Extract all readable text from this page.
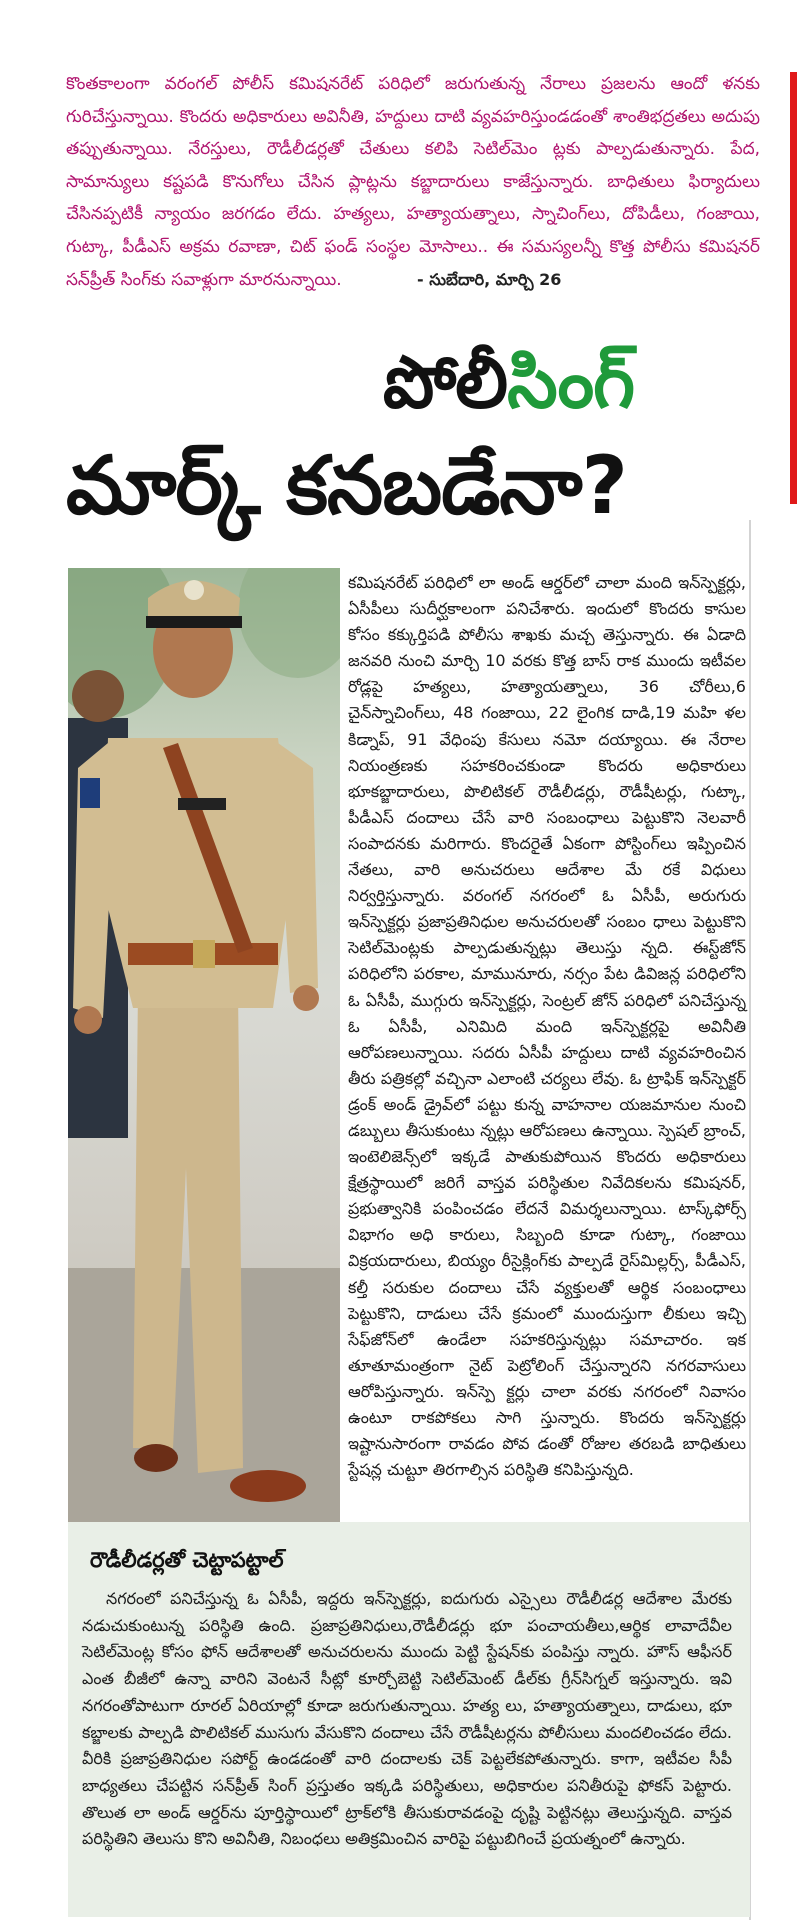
కొంతకాలంగా వరంగల్ పోలీస్ కమిషనరేట్ పరిధిలో జరుగుతున్న నేరాలు ప్రజలను ఆందో ళనకు గురిచేస్తున్నాయి. కొందరు అధికారులు అవినీతి, హద్దులు దాటి వ్యవహరిస్తుండడంతో శాంతిభద్రతలు అదుపు తప్పుతున్నాయి. నేరస్తులు, రౌడీలీడర్లతో చేతులు కలిపి సెటిల్‌మెం ట్లకు పాల్పడుతున్నారు. పేద, సామాన్యులు కష్టపడి కొనుగోలు చేసిన ప్లాట్లను కబ్జాదారులు కాజేస్తున్నారు. బాధితులు ఫిర్యాదులు చేసినప్పటికీ న్యాయం జరగడం లేదు. హత్యలు, హత్యాయత్నాలు, స్నాచింగ్‌లు, దోపిడీలు, గంజాయి, గుట్కా, పీడీఎస్ అక్రమ రవాణా, చిట్ ఫండ్ సంస్థల మోసాలు.. ఈ సమస్యలన్నీ కొత్త పోలీసు కమిషనర్ సన్‌ప్రీత్ సింగ్‌కు సవాళ్లుగా మారనున్నాయి.	- సుబేదారి, మార్చి 26
పోలీసింగ్
మార్క్ కనబడేనా?
కమిషనరేట్ పరిధిలో లా అండ్ ఆర్డర్‌లో చాలా మంది ఇన్‌స్పెక్టర్లు, ఏసీపీలు సుదీర్ఘకాలంగా పనిచేశారు. ఇందులో కొందరు కాసుల కోసం కక్కుర్తిపడి పోలీసు శాఖకు మచ్చ తెస్తున్నారు. ఈ ఏడాది జనవరి నుంచి మార్చి 10 వరకు కొత్త బాస్ రాక ముందు ఇటీవల రోడ్లపై హత్యలు, హత్యాయత్నాలు, 36 చోరీలు,6 చైన్‌స్నాచింగ్‌లు, 48 గంజాయి, 22 లైంగిక దాడి,19 మహి ళల కిడ్నాప్, 91 వేధింపు కేసులు నమో దయ్యాయి. ఈ నేరాల నియంత్రణకు సహకరించకుండా కొందరు అధికారులు భూకబ్జాదారులు, పొలిటికల్ రౌడీలీడర్లు, రౌడీషీటర్లు, గుట్కా, పీడీఎస్ దందాలు చేసే వారి సంబంధాలు పెట్టుకొని నెలవారీ సంపాదనకు మరిగారు. కొందరైతే ఏకంగా పోస్టింగ్‌లు ఇప్పించిన నేతలు, వారి అనుచరులు ఆదేశాల మే రకే విధులు నిర్వర్తిస్తున్నారు. వరంగల్ నగరంలో ఓ ఏసీపీ, అరుగురు ఇన్‌స్పెక్టర్లు ప్రజాప్రతినిధుల అనుచరులతో సంబం ధాలు పెట్టుకొని సెటిల్‌మెంట్లకు పాల్పడుతున్నట్లు తెలుస్తు న్నది. ఈస్ట్‌జోన్ పరిధిలోని పరకాల, మామునూరు, నర్సం పేట డివిజన్ల పరిధిలోని ఓ ఏసీపీ, ముగ్గురు ఇన్‌స్పెక్టర్లు, సెంట్రల్ జోన్ పరిధిలో పనిచేస్తున్న ఓ ఏసీపీ, ఎనిమిది మంది ఇన్‌స్పెక్టర్లపై అవినీతి ఆరోపణలున్నాయి. సదరు ఏసీపీ హద్దులు దాటి వ్యవహరించిన తీరు పత్రికల్లో వచ్చినా ఎలాంటి చర్యలు లేవు. ఓ ట్రాఫిక్ ఇన్‌స్పెక్టర్ డ్రంక్ అండ్ డ్రైవ్‌లో పట్టు కున్న వాహనాల యజమానుల నుంచి డబ్బులు తీసుకుంటు న్నట్లు ఆరోపణలు ఉన్నాయి. స్పెషల్ బ్రాంచ్, ఇంటెలిజెన్స్‌లో ఇక్కడే పాతుకుపోయిన కొందరు అధికారులు క్షేత్రస్థాయిలో జరిగే వాస్తవ పరిస్థితుల నివేదికలను కమిషనర్, ప్రభుత్వానికి పంపించడం లేదనే విమర్శలున్నాయి. టాస్క్‌ఫోర్స్ విభాగం అధి కారులు, సిబ్బంది కూడా గుట్కా, గంజాయి విక్రయదారులు, బియ్యం రీసైక్లింగ్‌కు పాల్పడే రైస్‌మిల్లర్స్, పీడీఎస్, కల్తీ సరుకుల దందాలు చేసే వ్యక్తులతో ఆర్థిక సంబంధాలు పెట్టుకొని, దాడులు చేసే క్రమంలో ముందుస్తుగా లీకులు ఇచ్చి సేఫ్‌జోన్‌లో ఉండేలా సహకరిస్తున్నట్లు సమాచారం. ఇక తూతూమంత్రంగా నైట్ పెట్రోలింగ్ చేస్తున్నారని నగరవాసులు ఆరోపిస్తున్నారు. ఇన్‌స్పె క్టర్లు చాలా వరకు నగరంలో నివాసం ఉంటూ రాకపోకలు సాగి స్తున్నారు. కొందరు ఇన్‌స్పెక్టర్లు ఇష్టానుసారంగా రావడం పోవ డంతో రోజుల తరబడి బాధితులు స్టేషన్ల చుట్టూ తిరగాల్సిన పరిస్థితి కనిపిస్తున్నది.
రౌడీలీడర్లతో చెట్టాపట్టాల్
నగరంలో పనిచేస్తున్న ఓ ఏసీపీ, ఇద్దరు ఇన్‌స్పెక్టర్లు, ఐదుగురు ఎస్సైలు రౌడీలీడర్ల ఆదేశాల మేరకు నడుచుకుంటున్న పరిస్థితి ఉంది. ప్రజాప్రతినిధులు,రౌడీలీడర్లు భూ పంచాయతీలు,ఆర్థిక లావాదేవీల సెటిల్‌మెంట్ల కోసం ఫోన్ ఆదేశాలతో అనుచరులను ముందు పెట్టి స్టేషన్‌కు పంపిస్తు న్నారు. హౌస్ ఆఫీసర్ ఎంత బీజీలో ఉన్నా వారిని వెంటనే సీట్లో కూర్చోబెట్టి సెటిల్‌మెంట్ డీల్‌కు గ్రీన్‌సిగ్నల్ ఇస్తున్నారు. ఇవి నగరంతోపాటుగా రూరల్ ఏరియాల్లో కూడా జరుగుతున్నాయి. హత్య లు, హత్యాయత్నాలు, దాడులు, భూ కబ్జాలకు పాల్పడి పొలిటికల్ ముసుగు వేసుకొని దందాలు చేసే రౌడీషీటర్లను పోలీసులు మందలించడం లేదు. వీరికి ప్రజాప్రతినిధుల సపోర్ట్ ఉండడంతో వారి దందాలకు చెక్ పెట్టలేకపోతున్నారు. కాగా, ఇటీవల సీపీ బాధ్యతలు చేపట్టిన సన్‌ప్రీత్ సింగ్ ప్రస్తుతం ఇక్కడి పరిస్థితులు, అధికారుల పనితీరుపై ఫోకస్ పెట్టారు. తొలుత లా అండ్ ఆర్డర్‌ను పూర్తిస్థాయిలో ట్రాక్‌లోకి తీసుకురావడంపై దృష్టి పెట్టినట్లు తెలుస్తున్నది. వాస్తవ పరిస్థితిని తెలుసు కొని అవినీతి, నిబంధలు అతిక్రమించిన వారిపై పట్టుబిగించే ప్రయత్నంలో ఉన్నారు.
